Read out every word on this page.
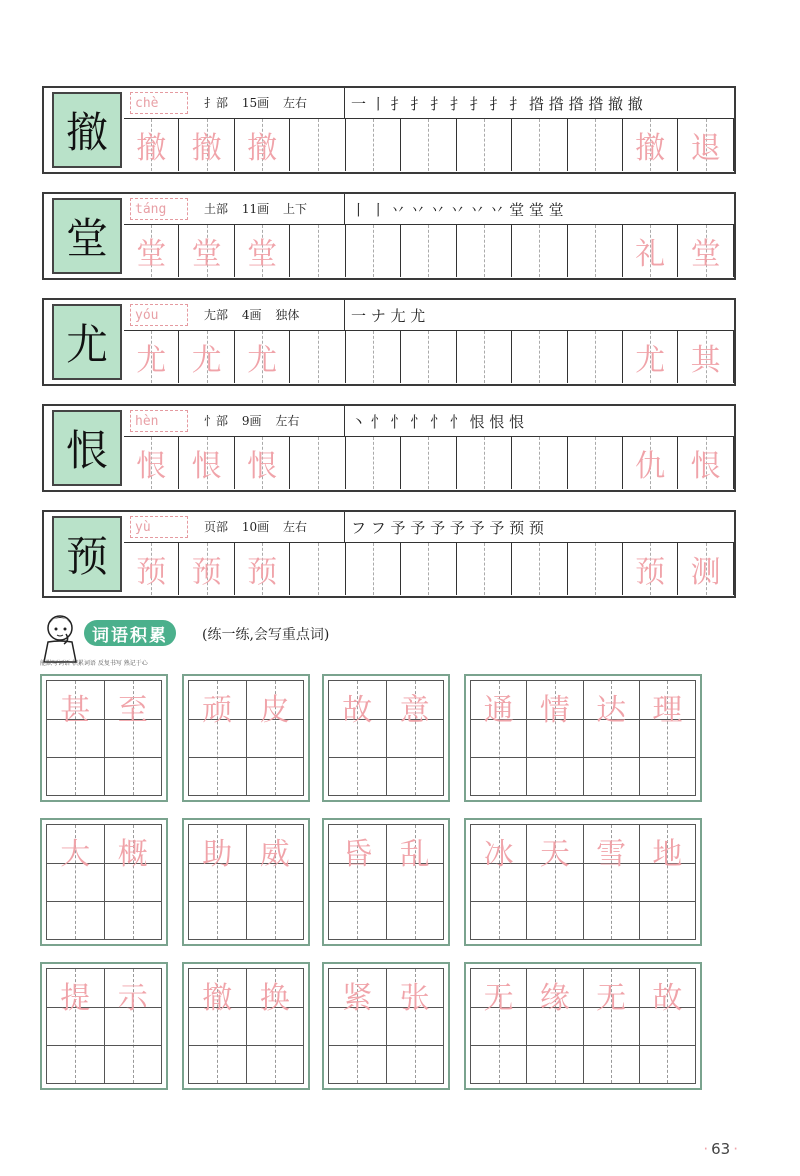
撤
chè	扌部 15画 左右	一 丨 扌 扌 扌 扌 扌 扌 扌 揝 揝 揝 揝 撤 撤
撤 撤 撤	撤 退
堂
táng	土部 11画 上下	丨 丨 丷 丷 丷 丷 丷 丷 堂 堂 堂
堂 堂 堂	礼 堂
尤
yóu	尢部 4画 独体	一 ナ 尢 尤
尤 尤 尤	尤 其
恨
hèn	忄部 9画 左右	丶 忄 忄 忄 忄 忄 恨 恨 恨
恨 恨 恨	仇 恨
预
yù	页部 10画 左右	フ フ 予 予 予 予 予 予 预 预
预 预 预	预 测
词语积累	(练一练,会写重点词)
能默写词语 积累词语 反复书写 熟记于心
甚 至	顽 皮	故 意	通 情 达 理
大 概	助 威	昏 乱	冰 天 雪 地
提 示	撤 换	紧 张	无 缘 无 故
· 63 ·
